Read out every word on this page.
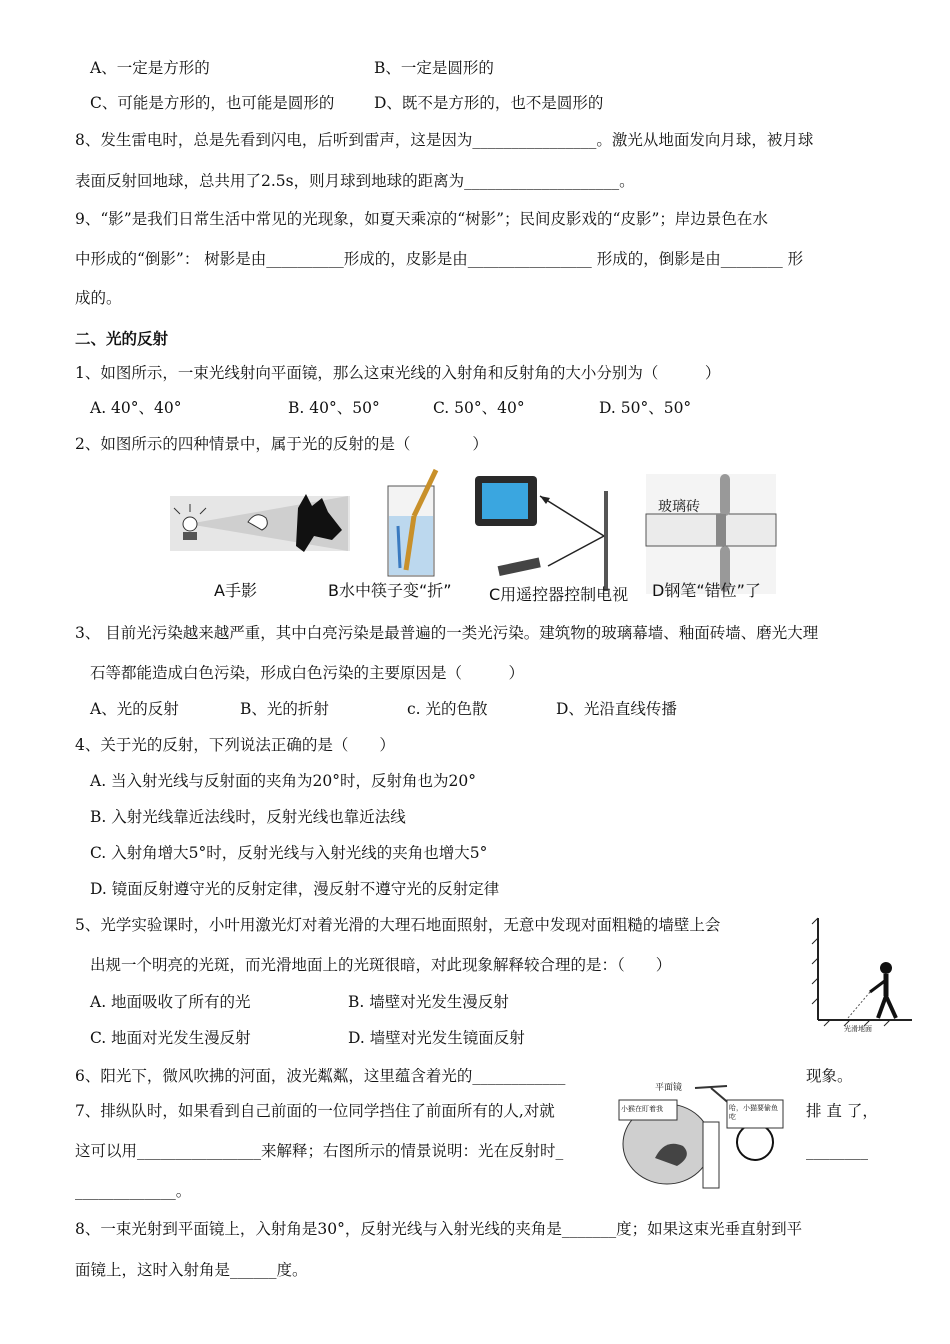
A、一定是方形的	B、一定是圆形的
C、可能是方形的，也可能是圆形的	D、既不是方形的，也不是圆形的
8、发生雷电时，总是先看到闪电，后听到雷声，这是因为________________。激光从地面发向月球，被月球
表面反射回地球，总共用了2.5s，则月球到地球的距离为____________________。
9、“影”是我们日常生活中常见的光现象，如夏天乘凉的“树影”；民间皮影戏的“皮影”；岸边景色在水
中形成的“倒影”： 树影是由__________形成的，皮影是由________________ 形成的，倒影是由________ 形
成的。
二、光的反射
1、如图所示，一束光线射向平面镜，那么这束光线的入射角和反射角的大小分别为（　　　）
A. 40°、40°	B. 40°、50°	C. 50°、40°	D. 50°、50°
2、如图所示的四种情景中，属于光的反射的是（　　　　）
玻璃砖
A手影	B水中筷子变“折” C用遥控器控制电视 D钢笔“错位”了
3、 目前光污染越来越严重，其中白亮污染是最普遍的一类光污染。建筑物的玻璃幕墙、釉面砖墙、磨光大理
石等都能造成白色污染，形成白色污染的主要原因是（　　　）
A、光的反射	B、光的折射	c. 光的色散	D、光沿直线传播
4、关于光的反射，下列说法正确的是（　　）
A. 当入射光线与反射面的夹角为20°时，反射角也为20°
B. 入射光线靠近法线时，反射光线也靠近法线
C. 入射角增大5°时，反射光线与入射光线的夹角也增大5°
D. 镜面反射遵守光的反射定律，漫反射不遵守光的反射定律
5、光学实验课时，小叶用激光灯对着光滑的大理石地面照射，无意中发现对面粗糙的墙壁上会
出规一个明亮的光斑，而光滑地面上的光斑很暗，对此现象解释较合理的是：（　　）
A. 地面吸收了所有的光	B. 墙壁对光发生漫反射
C. 地面对光发生漫反射	D. 墙壁对光发生镜面反射	光滑地面
6、阳光下，微风吹拂的河面，波光粼粼，这里蕴含着光的____________	现象。
平面镜
小猴在盯着我	哈，小猫要偷鱼吃
7、排纵队时，如果看到自己前面的一位同学挡住了前面所有的人,对就	排 直 了，
这可以用________________来解释；右图所示的情景说明：光在反射时_	________
_____________。
8、一束光射到平面镜上，入射角是30°，反射光线与入射光线的夹角是_______度；如果这束光垂直射到平
面镜上，这时入射角是______度。
